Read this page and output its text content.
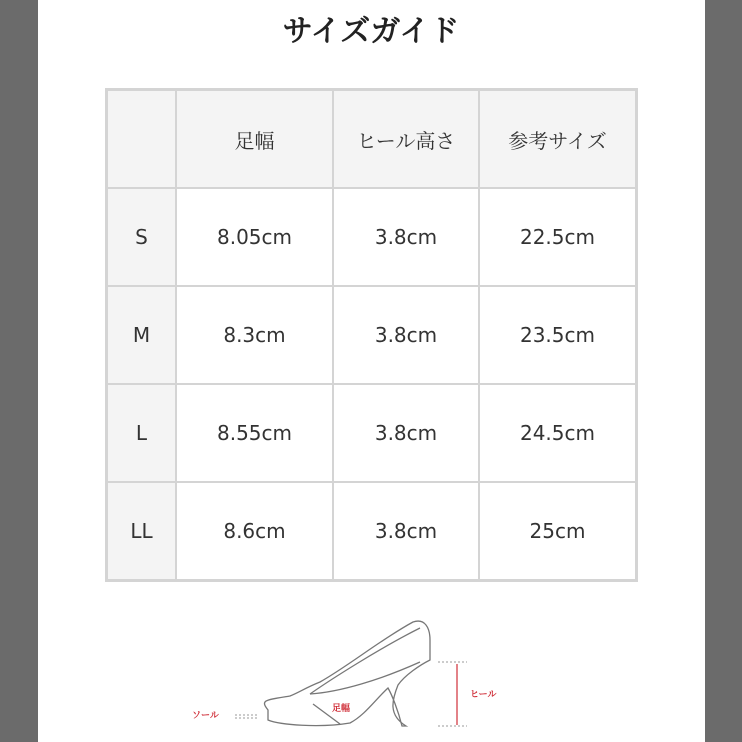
サイズガイド
	足幅	ヒール高さ	参考サイズ
S	8.05cm	3.8cm	22.5cm
M	8.3cm	3.8cm	23.5cm
L	8.55cm	3.8cm	24.5cm
LL	8.6cm	3.8cm	25cm
ソール
足幅
ヒール
